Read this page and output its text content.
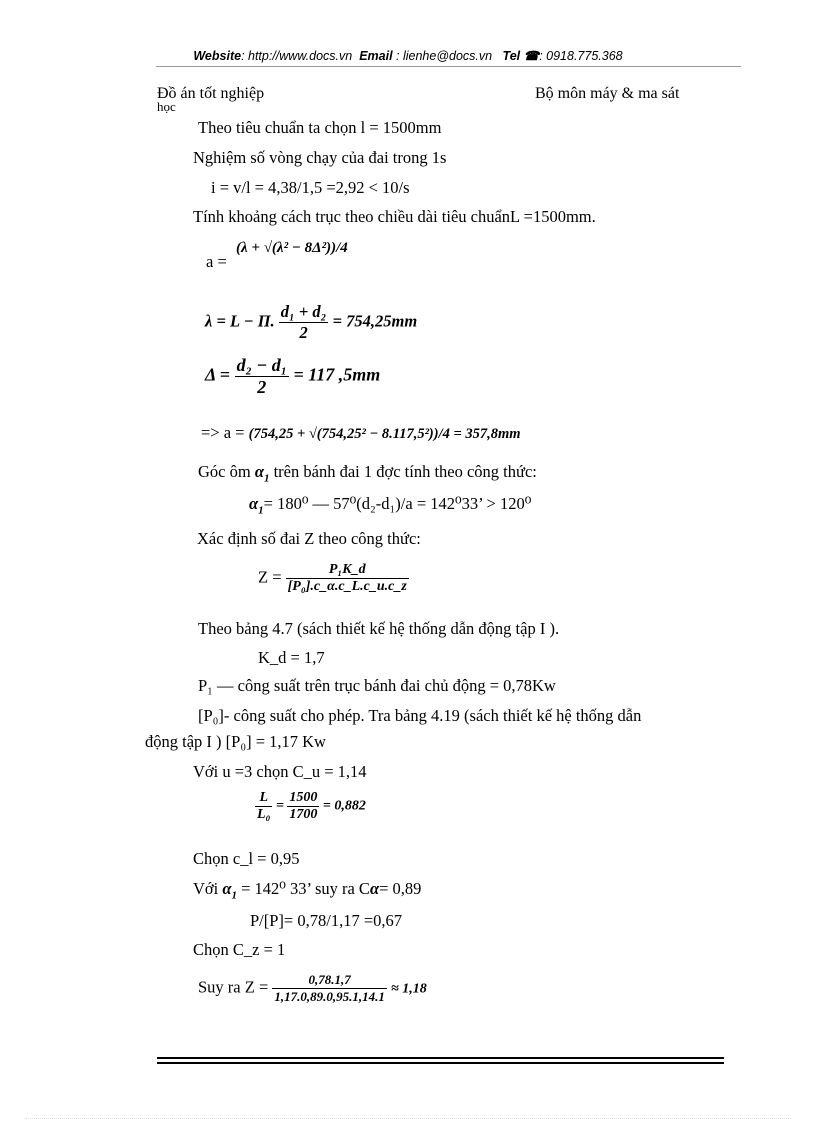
Website: http://www.docs.vn Email : lienhe@docs.vn Tel ☎: 0918.775.368
Đồ án tốt nghiệp
học
Bộ môn máy & ma sát
Theo tiêu chuẩn ta chọn l = 1500mm
Nghiệm số vòng chạy của đai trong 1s
i = v/l = 4,38/1,5 =2,92 < 10/s
Tính khoảng cách trục theo chiều dài tiêu chuẩnL =1500mm.
a =
(λ + √(λ² − 8Δ²))/4
λ = L − Π. $\frac{\text{d₁ + d₂}}{2} = 754,25mm$
$\Delta = \frac{\text{d₂ − d₁}}{2} = 117$ ,5mm
=> a = (754,25 + √(754,25² − 8.117,5²))/4 = 357,8mm
Góc ôm $\alpha_1$ trên bánh đai 1 đợc tính theo công thức:
$\alpha_1= 180^0$ — 57⁰(d₂-d₁)/a = 142⁰33’ > 120⁰
Xác định số đai Z theo công thức:
$Z = \frac{\text{P₁K\_d}}{\text{[P₀].c\_α.c\_L.c\_u.c\_z}}$
Theo bảng 4.7 (sách thiết kế hệ thống dẫn động tập I ).
K_d = 1,7
P₁ — công suất trên trục bánh đai chủ động = 0,78Kw
[P₀]- công suất cho phép. Tra bảng 4.19 (sách thiết kế hệ thống dẫn
động tập I ) [P₀] = 1,17 Kw
Với u =3 chọn C_u = 1,14
$\frac{L}{\text{L₀}} = \frac{1500}{1700} = 0,882$
Chọn c_l = 0,95
Với $\alpha_1 = 142^0$ 33’ suy ra Cα= 0,89
P/[P]= 0,78/1,17 =0,67
Chọn C_z = 1
Suy ra $Z = \frac{0,78.1,7}{1,17.0,89.0,95.1,14.1} \approx 1,18$
